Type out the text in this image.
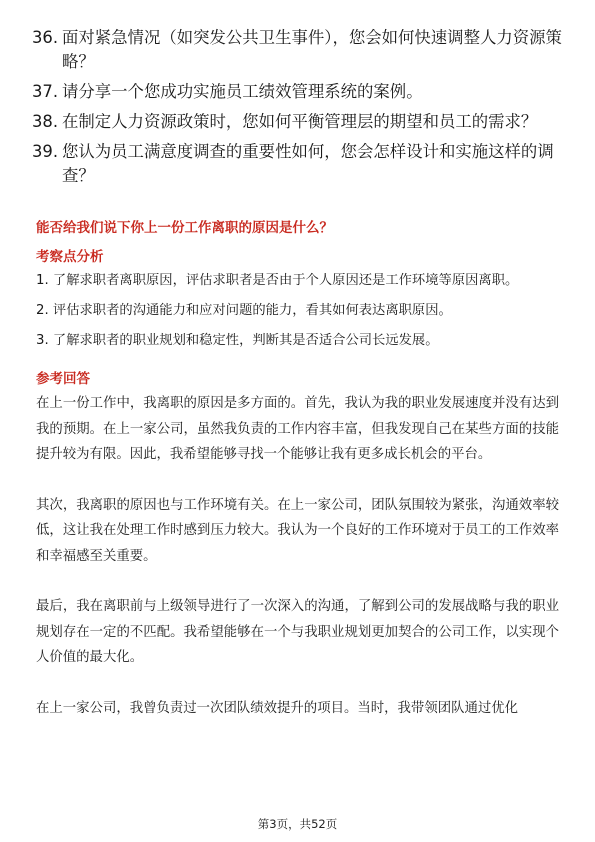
36. 面对紧急情况（如突发公共卫生事件），您会如何快速调整人力资源策略？
37. 请分享一个您成功实施员工绩效管理系统的案例。
38. 在制定人力资源政策时，您如何平衡管理层的期望和员工的需求？
39. 您认为员工满意度调查的重要性如何，您会怎样设计和实施这样的调查？
能否给我们说下你上一份工作离职的原因是什么？
考察点分析
1. 了解求职者离职原因，评估求职者是否由于个人原因还是工作环境等原因离职。
2. 评估求职者的沟通能力和应对问题的能力，看其如何表达离职原因。
3. 了解求职者的职业规划和稳定性，判断其是否适合公司长远发展。
参考回答

在上一份工作中，我离职的原因是多方面的。首先，我认为我的职业发展速度并没有达到我的预期。在上一家公司，虽然我负责的工作内容丰富，但我发现自己在某些方面的技能提升较为有限。因此，我希望能够寻找一个能够让我有更多成长机会的平台。

其次，我离职的原因也与工作环境有关。在上一家公司，团队氛围较为紧张，沟通效率较低，这让我在处理工作时感到压力较大。我认为一个良好的工作环境对于员工的工作效率和幸福感至关重要。

最后，我在离职前与上级领导进行了一次深入的沟通，了解到公司的发展战略与我的职业规划存在一定的不匹配。我希望能够在一个与我职业规划更加契合的公司工作，以实现个人价值的最大化。

在上一家公司，我曾负责过一次团队绩效提升的项目。当时，我带领团队通过优化

第3页，共52页
